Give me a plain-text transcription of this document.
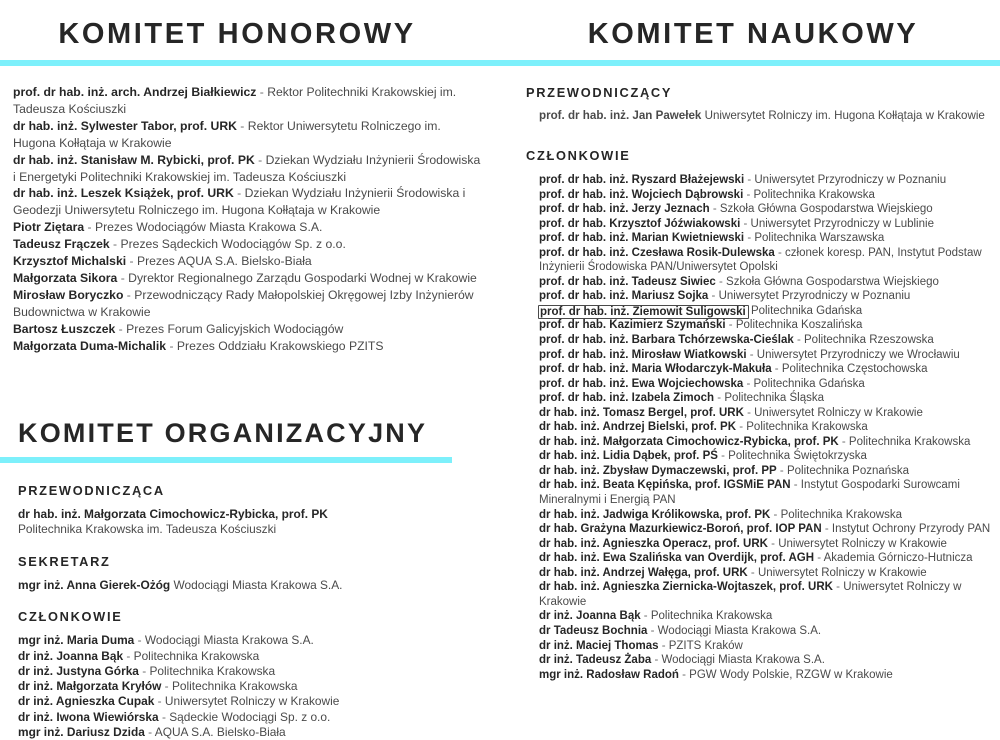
KOMITET HONOROWY
prof. dr hab. inż. arch. Andrzej Białkiewicz - Rektor Politechniki Krakowskiej im. Tadeusza Kościuszki
dr hab. inż. Sylwester Tabor, prof. URK - Rektor Uniwersytetu Rolniczego im. Hugona Kołłątaja w Krakowie
dr hab. inż. Stanisław M. Rybicki, prof. PK - Dziekan Wydziału Inżynierii Środowiska i Energetyki Politechniki Krakowskiej im. Tadeusza Kościuszki
dr hab. inż. Leszek Książek, prof. URK - Dziekan Wydziału Inżynierii Środowiska i Geodezji Uniwersytetu Rolniczego im. Hugona Kołłątaja w Krakowie
Piotr Ziętara - Prezes Wodociągów Miasta Krakowa S.A.
Tadeusz Frączek - Prezes Sądeckich Wodociągów Sp. z o.o.
Krzysztof Michalski - Prezes AQUA S.A. Bielsko-Biała
Małgorzata Sikora - Dyrektor Regionalnego Zarządu Gospodarki Wodnej w Krakowie
Mirosław Boryczko - Przewodniczący Rady Małopolskiej Okręgowej Izby Inżynierów Budownictwa w Krakowie
Bartosz Łuszczek - Prezes Forum Galicyjskich Wodociągów
Małgorzata Duma-Michalik - Prezes Oddziału Krakowskiego PZITS
KOMITET ORGANIZACYJNY
PRZEWODNICZĄCA
dr hab. inż. Małgorzata Cimochowicz-Rybicka, prof. PK
Politechnika Krakowska im. Tadeusza Kościuszki
SEKRETARZ
mgr inż. Anna Gierek-Ożóg Wodociągi Miasta Krakowa S.A.
CZŁONKOWIE
mgr inż. Maria Duma - Wodociągi Miasta Krakowa S.A.
dr inż. Joanna Bąk - Politechnika Krakowska
dr inż. Justyna Górka - Politechnika Krakowska
dr inż. Małgorzata Kryłów - Politechnika Krakowska
dr inż. Agnieszka Cupak - Uniwersytet Rolniczy w Krakowie
dr inż. Iwona Wiewiórska - Sądeckie Wodociągi Sp. z o.o.
mgr inż. Dariusz Dzida - AQUA S.A. Bielsko-Biała
KOMITET NAUKOWY
PRZEWODNICZĄCY
prof. dr hab. inż. Jan Pawełek Uniwersytet Rolniczy im. Hugona Kołłątaja w Krakowie
CZŁONKOWIE
prof. dr hab. inż. Ryszard Błażejewski - Uniwersytet Przyrodniczy w Poznaniu
prof. dr hab. inż. Wojciech Dąbrowski - Politechnika Krakowska
prof. dr hab. inż. Jerzy Jeznach - Szkoła Główna Gospodarstwa Wiejskiego
prof. dr hab. Krzysztof Jóźwiakowski - Uniwersytet Przyrodniczy w Lublinie
prof. dr hab. inż. Marian Kwietniewski - Politechnika Warszawska
prof. dr hab. inż. Czesława Rosik-Dulewska - członek koresp. PAN, Instytut Podstaw Inżynierii Środowiska PAN/Uniwersytet Opolski
prof. dr hab. inż. Tadeusz Siwiec - Szkoła Główna Gospodarstwa Wiejskiego
prof. dr hab. inż. Mariusz Sojka - Uniwersytet Przyrodniczy w Poznaniu
prof. dr hab. inż. Ziemowit Suligowski Politechnika Gdańska
prof. dr hab. Kazimierz Szymański - Politechnika Koszalińska
prof. dr hab. inż. Barbara Tchórzewska-Cieślak - Politechnika Rzeszowska
prof. dr hab. inż. Mirosław Wiatkowski - Uniwersytet Przyrodniczy we Wrocławiu
prof. dr hab. inż. Maria Włodarczyk-Makuła - Politechnika Częstochowska
prof. dr hab. inż. Ewa Wojciechowska - Politechnika Gdańska
prof. dr hab. inż. Izabela Zimoch - Politechnika Śląska
dr hab. inż. Tomasz Bergel, prof. URK - Uniwersytet Rolniczy w Krakowie
dr hab. inż. Andrzej Bielski, prof. PK - Politechnika Krakowska
dr hab. inż. Małgorzata Cimochowicz-Rybicka, prof. PK - Politechnika Krakowska
dr hab. inż. Lidia Dąbek, prof. PŚ - Politechnika Świętokrzyska
dr hab. inż. Zbysław Dymaczewski, prof. PP - Politechnika Poznańska
dr hab. inż. Beata Kępińska, prof. IGSMiE PAN - Instytut Gospodarki Surowcami Mineralnymi i Energią PAN
dr hab. inż. Jadwiga Królikowska, prof. PK - Politechnika Krakowska
dr hab. Grażyna Mazurkiewicz-Boroń, prof. IOP PAN - Instytut Ochrony Przyrody PAN
dr hab. inż. Agnieszka Operacz, prof. URK - Uniwersytet Rolniczy w Krakowie
dr hab. inż. Ewa Szalińska van Overdijk, prof. AGH - Akademia Górniczo-Hutnicza
dr hab. inż. Andrzej Wałęga, prof. URK - Uniwersytet Rolniczy w Krakowie
dr hab. inż. Agnieszka Ziernicka-Wojtaszek, prof. URK - Uniwersytet Rolniczy w Krakowie
dr inż. Joanna Bąk - Politechnika Krakowska
dr Tadeusz Bochnia - Wodociągi Miasta Krakowa S.A.
dr inż. Maciej Thomas - PZITS Kraków
dr inż. Tadeusz Żaba - Wodociągi Miasta Krakowa S.A.
mgr inż. Radosław Radoń - PGW Wody Polskie, RZGW w Krakowie
